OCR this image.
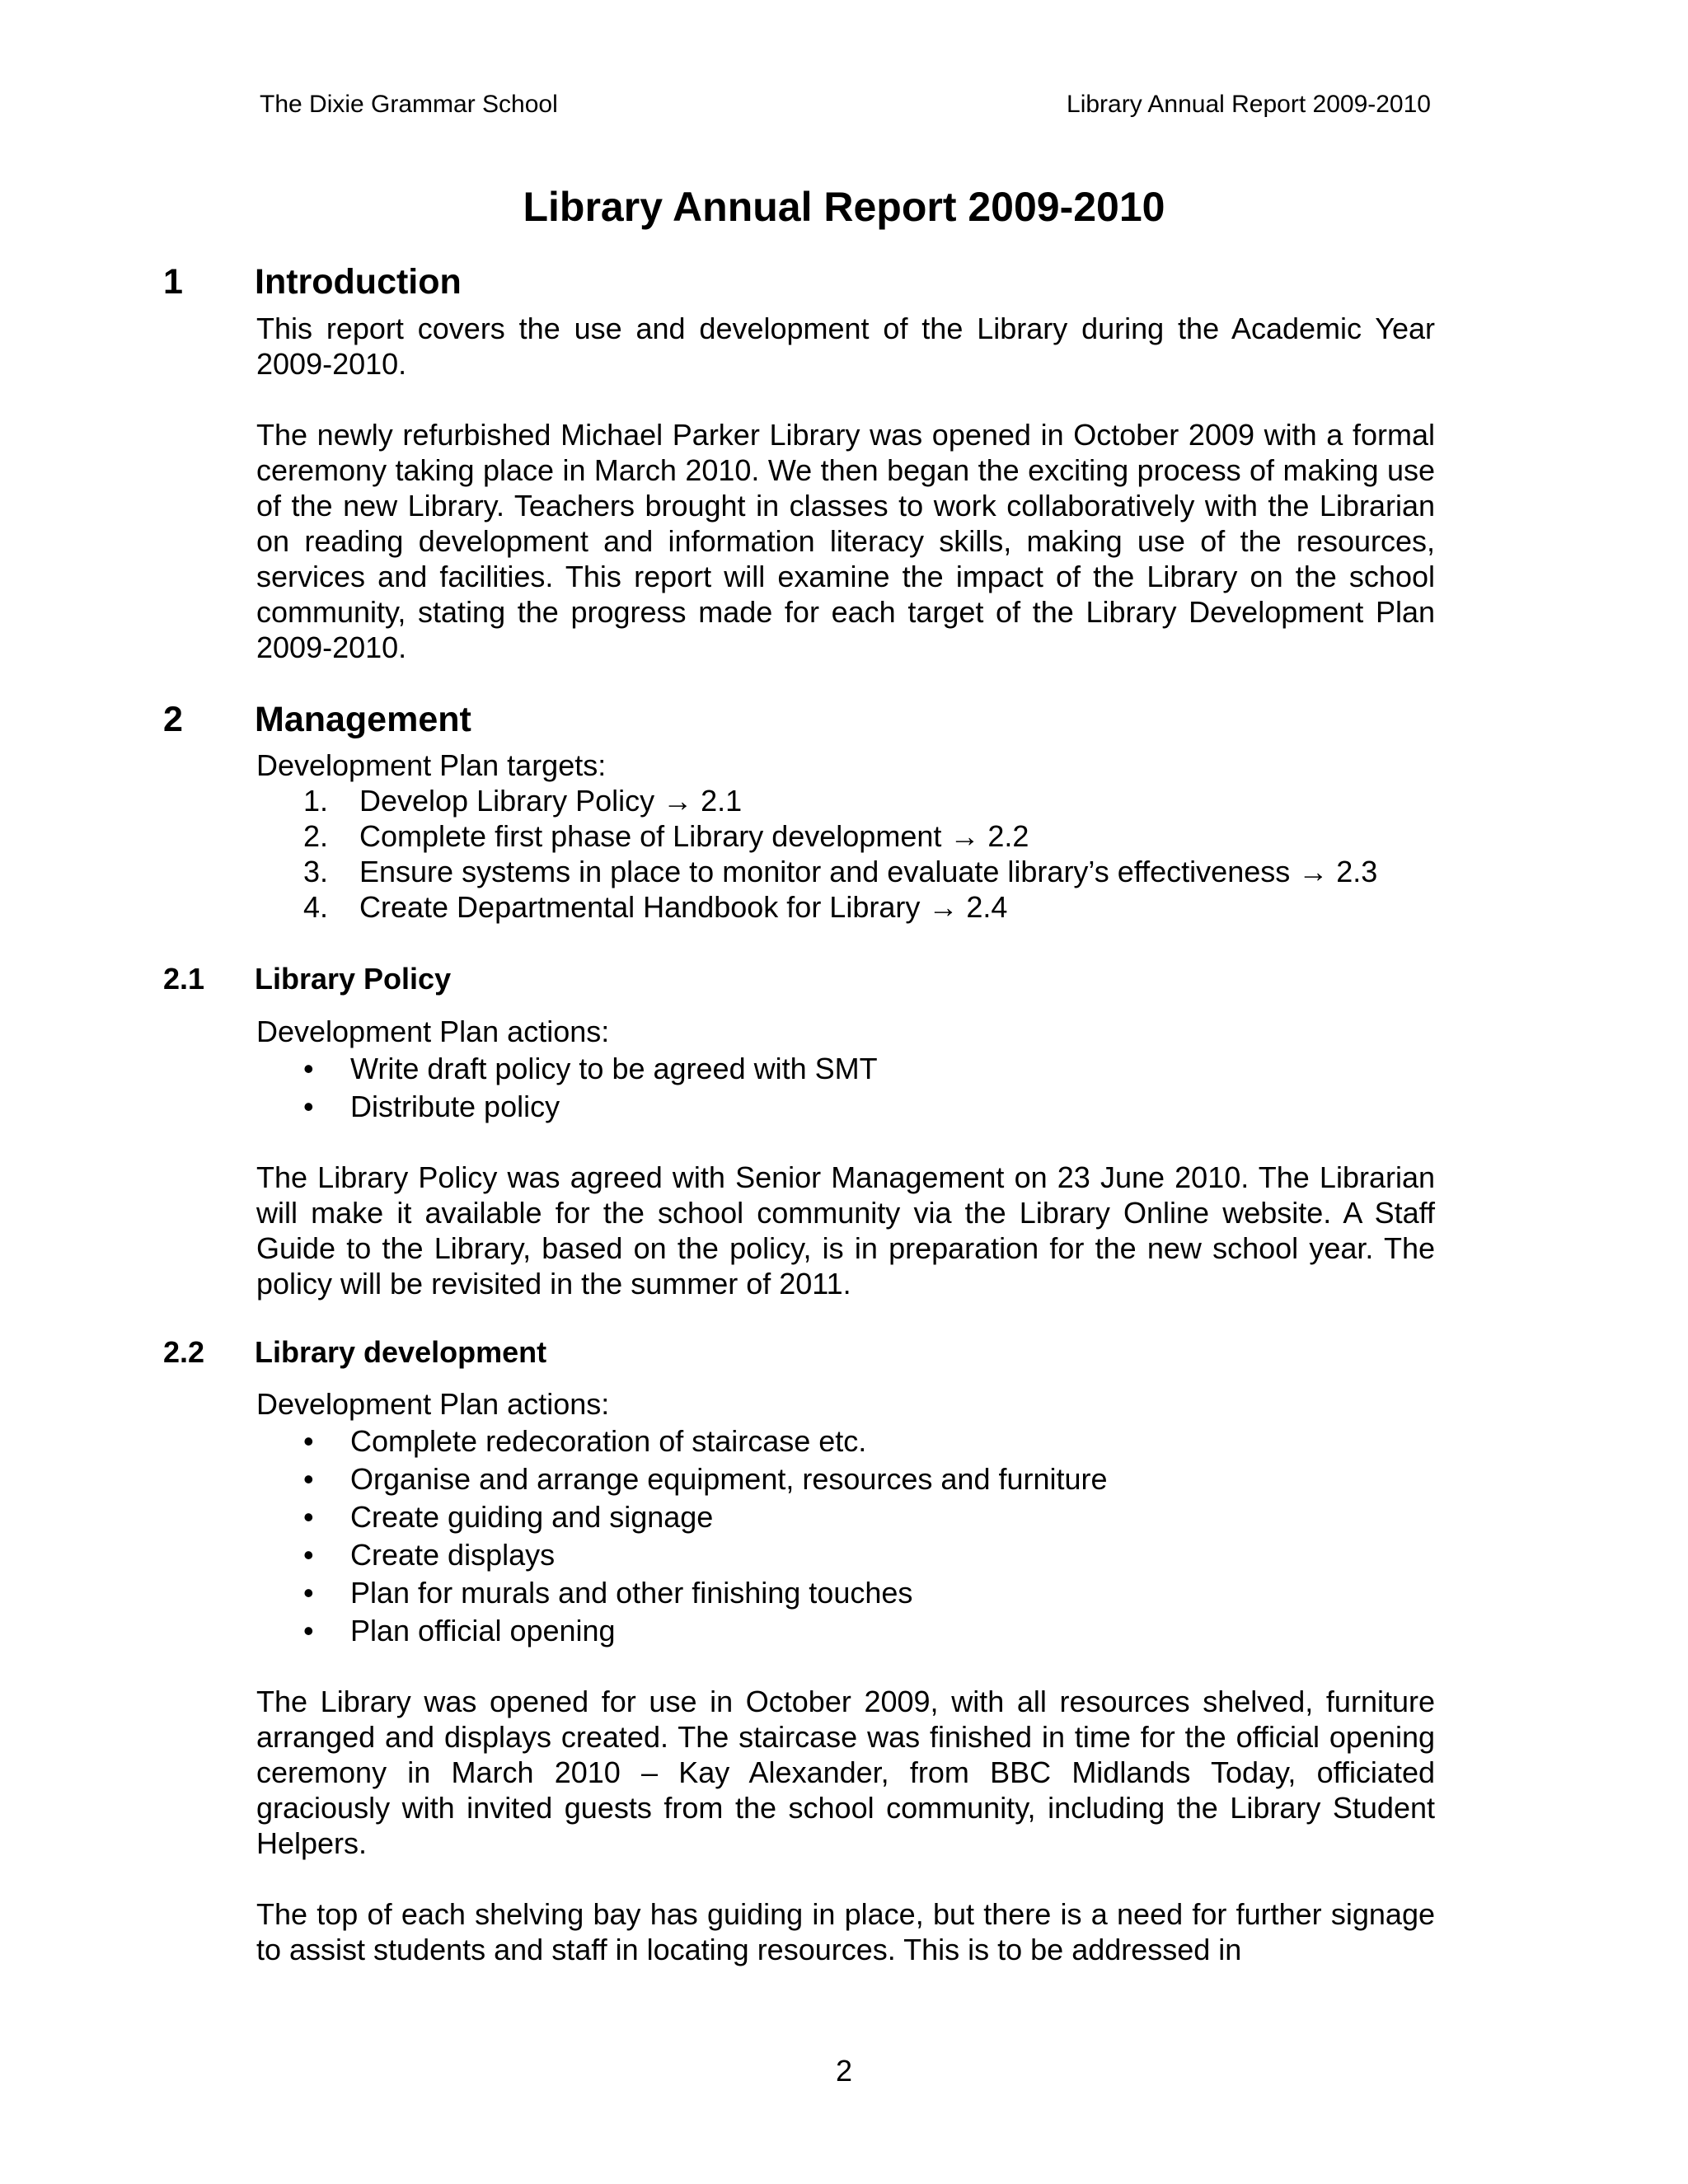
The Dixie Grammar School	Library Annual Report 2009-2010
Library Annual Report 2009-2010
1 Introduction

This report covers the use and development of the Library during the Academic Year 2009-2010.

The newly refurbished Michael Parker Library was opened in October 2009 with a formal ceremony taking place in March 2010. We then began the exciting process of making use of the new Library. Teachers brought in classes to work collaboratively with the Librarian on reading development and information literacy skills, making use of the resources, services and facilities. This report will examine the impact of the Library on the school community, stating the progress made for each target of the Library Development Plan 2009-2010.

2 Management

Development Plan targets:

1. Develop Library Policy → 2.1
2. Complete first phase of Library development → 2.2
3. Ensure systems in place to monitor and evaluate library’s effectiveness → 2.3
4. Create Departmental Handbook for Library → 2.4
2.1 Library Policy

Development Plan actions:

• Write draft policy to be agreed with SMT
• Distribute policy

The Library Policy was agreed with Senior Management on 23 June 2010. The Librarian will make it available for the school community via the Library Online website. A Staff Guide to the Library, based on the policy, is in preparation for the new school year. The policy will be revisited in the summer of 2011.

2.2 Library development

Development Plan actions:

• Complete redecoration of staircase etc.
• Organise and arrange equipment, resources and furniture
• Create guiding and signage
• Create displays
• Plan for murals and other finishing touches
• Plan official opening

The Library was opened for use in October 2009, with all resources shelved, furniture arranged and displays created. The staircase was finished in time for the official opening ceremony in March 2010 – Kay Alexander, from BBC Midlands Today, officiated graciously with invited guests from the school community, including the Library Student Helpers.

The top of each shelving bay has guiding in place, but there is a need for further signage to assist students and staff in locating resources. This is to be addressed in

2
